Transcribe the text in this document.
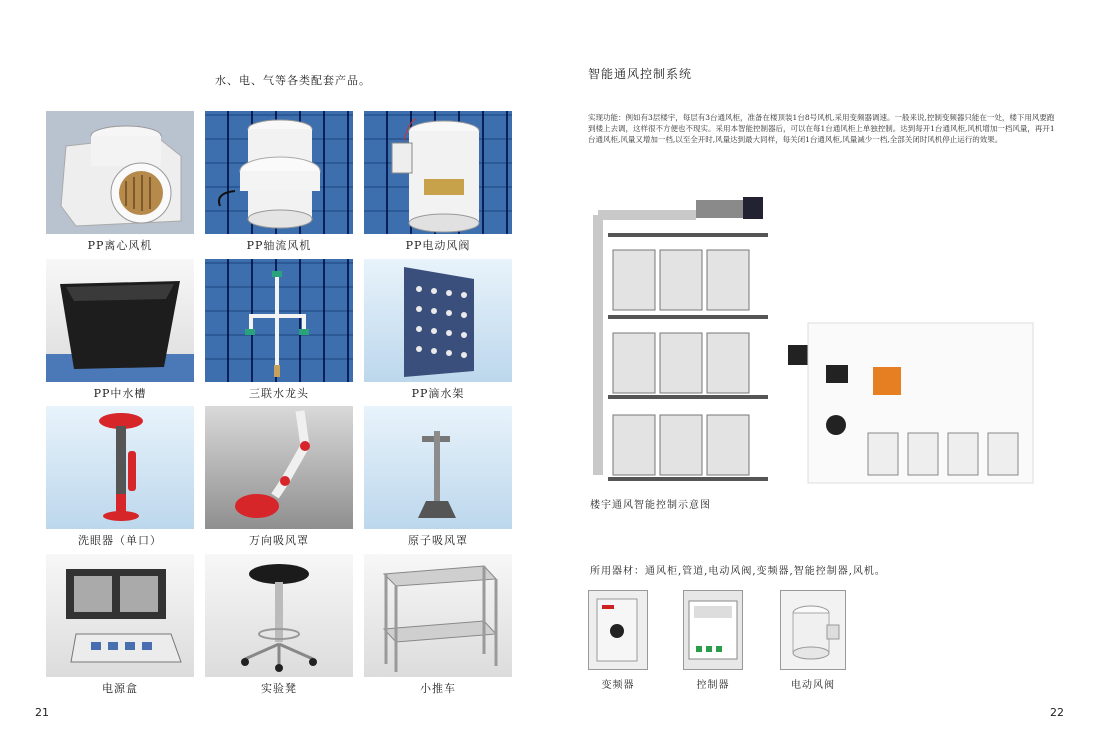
水、电、气等各类配套产品。
PP离心风机	PP轴流风机	PP电动风阀
PP中水槽	三联水龙头	PP滴水架
洗眼器（单口）	万向吸风罩	原子吸风罩
电源盒	实验凳	小推车
21
智能通风控制系统
实现功能：例如有3层楼宇，每层有3台通风柜，准备在楼顶装1台8号风机,采用变频器调速。一般来说,控制变频器只能在一处，楼下用风要跑到楼上去调，这样很不方便也不现实。采用本智能控制器后，可以在每1台通风柜上单独控制。达到每开1台通风柜,风机增加一档风量，再开1台通风柜,风量又增加一档,以至全开时,风量达到最大同样，每关闭1台通风柜,风量减少一档,全部关闭时风机停止运行的效果。
楼宇通风智能控制示意图
所用器材：通风柜,管道,电动风阀,变频器,智能控制器,风机。
变频器	控制器	电动风阀
22
